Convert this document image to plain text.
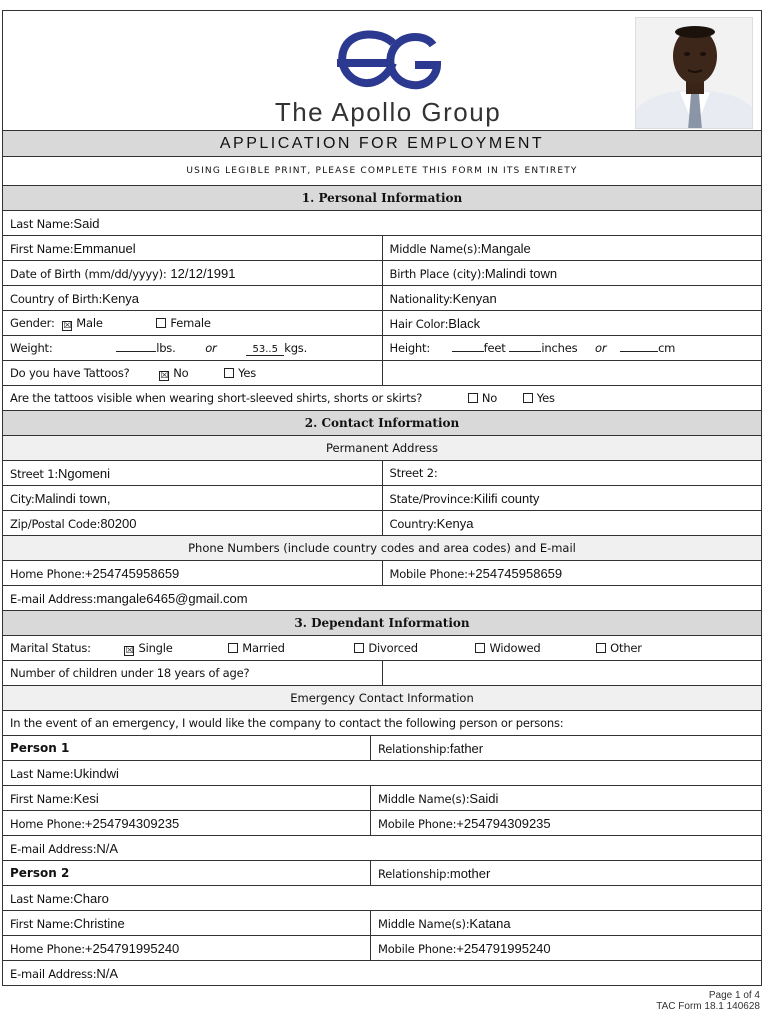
The Apollo Group
APPLICATION FOR EMPLOYMENT	
USING LEGIBLE PRINT, PLEASE COMPLETE THIS FORM IN ITS ENTIRETY	
1. Personal Information	
Last Name:Said	
First Name:Emmanuel	Middle Name(s):Mangale
Date of Birth (mm/dd/yyyy): 12/12/1991	Birth Place (city):Malindi town
Country of Birth:Kenya	Nationality:Kenyan
Gender: ☒ Male Female	Hair Color:Black
Weight: lbs. or 53..5 kgs.	Height: feet inches or cm
Do you have Tattoos? ☒ No Yes	
Are the tattoos visible when wearing short-sleeved shirts, shorts or skirts? No Yes	
2. Contact Information	
Permanent Address	
Street 1:Ngomeni	Street 2:
City:Malindi town,	State/Province:Kilifi county
Zip/Postal Code:80200	Country:Kenya
Phone Numbers (include country codes and area codes) and E-mail	
Home Phone:+254745958659	Mobile Phone:+254745958659
E-mail Address:mangale6465@gmail.com	
3. Dependant Information	
Marital Status: ☒ Single Married Divorced Widowed Other	
Number of children under 18 years of age?	
Emergency Contact Information	
In the event of an emergency, I would like the company to contact the following person or persons:	
Person 1	Relationship:father
Last Name:Ukindwi	
First Name:Kesi	Middle Name(s):Saidi
Home Phone:+254794309235	Mobile Phone:+254794309235
E-mail Address:N/A	
Person 2	Relationship:mother
Last Name:Charo	
First Name:Christine	Middle Name(s):Katana
Home Phone:+254791995240	Mobile Phone:+254791995240
E-mail Address:N/A	
Page 1 of 4
TAC Form 18.1 140628
